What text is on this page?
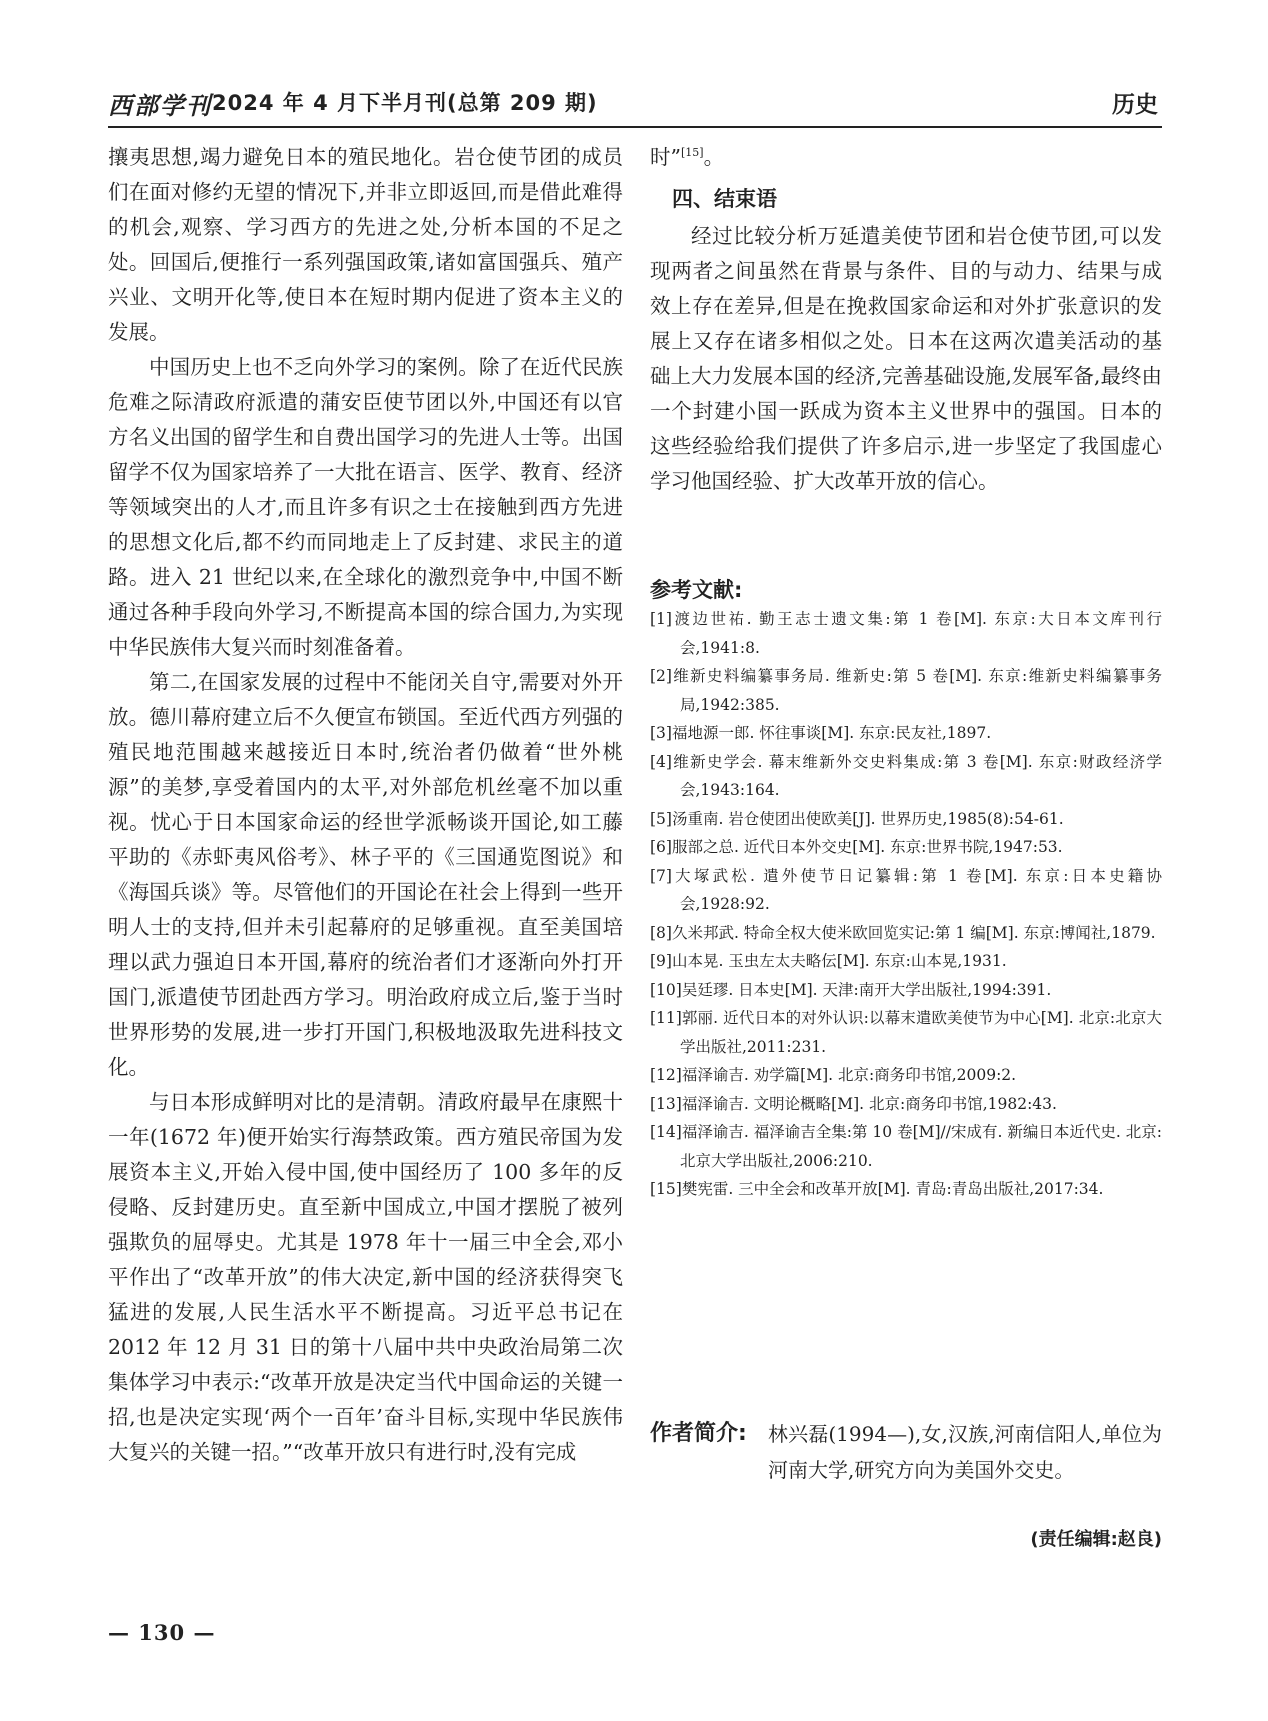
西部学刊 2024 年 4 月下半月刊(总第 209 期)	历史

攘夷思想,竭力避免日本的殖民地化。岩仓使节团的成员们在面对修约无望的情况下,并非立即返回,而是借此难得的机会,观察、学习西方的先进之处,分析本国的不足之处。回国后,便推行一系列强国政策,诸如富国强兵、殖产兴业、文明开化等,使日本在短时期内促进了资本主义的发展。

中国历史上也不乏向外学习的案例。除了在近代民族危难之际清政府派遣的蒲安臣使节团以外,中国还有以官方名义出国的留学生和自费出国学习的先进人士等。出国留学不仅为国家培养了一大批在语言、医学、教育、经济等领域突出的人才,而且许多有识之士在接触到西方先进的思想文化后,都不约而同地走上了反封建、求民主的道路。进入 21 世纪以来,在全球化的激烈竞争中,中国不断通过各种手段向外学习,不断提高本国的综合国力,为实现中华民族伟大复兴而时刻准备着。

第二,在国家发展的过程中不能闭关自守,需要对外开放。德川幕府建立后不久便宣布锁国。至近代西方列强的殖民地范围越来越接近日本时,统治者仍做着“世外桃源”的美梦,享受着国内的太平,对外部危机丝毫不加以重视。忧心于日本国家命运的经世学派畅谈开国论,如工藤平助的《赤虾夷风俗考》、林子平的《三国通览图说》和《海国兵谈》等。尽管他们的开国论在社会上得到一些开明人士的支持,但并未引起幕府的足够重视。直至美国培理以武力强迫日本开国,幕府的统治者们才逐渐向外打开国门,派遣使节团赴西方学习。明治政府成立后,鉴于当时世界形势的发展,进一步打开国门,积极地汲取先进科技文化。

与日本形成鲜明对比的是清朝。清政府最早在康熙十一年(1672 年)便开始实行海禁政策。西方殖民帝国为发展资本主义,开始入侵中国,使中国经历了 100 多年的反侵略、反封建历史。直至新中国成立,中国才摆脱了被列强欺负的屈辱史。尤其是 1978 年十一届三中全会,邓小平作出了“改革开放”的伟大决定,新中国的经济获得突飞猛进的发展,人民生活水平不断提高。习近平总书记在 2012 年 12 月 31 日的第十八届中共中央政治局第二次集体学习中表示:“改革开放是决定当代中国命运的关键一招,也是决定实现‘两个一百年’奋斗目标,实现中华民族伟大复兴的关键一招。”“改革开放只有进行时,没有完成

时”[15]。

四、结束语

经过比较分析万延遣美使节团和岩仓使节团,可以发现两者之间虽然在背景与条件、目的与动力、结果与成效上存在差异,但是在挽救国家命运和对外扩张意识的发展上又存在诸多相似之处。日本在这两次遣美活动的基础上大力发展本国的经济,完善基础设施,发展军备,最终由一个封建小国一跃成为资本主义世界中的强国。日本的这些经验给我们提供了许多启示,进一步坚定了我国虚心学习他国经验、扩大改革开放的信心。

参考文献:
[1]渡边世祐. 勤王志士遗文集:第 1 卷[M]. 东京:大日本文库刊行会,1941:8.
[2]维新史料编纂事务局. 维新史:第 5 卷[M]. 东京:维新史料编纂事务局,1942:385.
[3]福地源一郎. 怀往事谈[M]. 东京:民友社,1897.
[4]维新史学会. 幕末维新外交史料集成:第 3 卷[M]. 东京:财政经济学会,1943:164.
[5]汤重南. 岩仓使团出使欧美[J]. 世界历史,1985(8):54-61.
[6]服部之总. 近代日本外交史[M]. 东京:世界书院,1947:53.
[7]大塚武松. 遣外使节日记纂辑:第 1 卷[M]. 东京:日本史籍协会,1928:92.
[8]久米邦武. 特命全权大使米欧回览实记:第 1 编[M]. 东京:博闻社,1879.
[9]山本晃. 玉虫左太夫略伝[M]. 东京:山本晃,1931.
[10]吴廷璆. 日本史[M]. 天津:南开大学出版社,1994:391.
[11]郭丽. 近代日本的对外认识:以幕末遣欧美使节为中心[M]. 北京:北京大学出版社,2011:231.
[12]福泽谕吉. 劝学篇[M]. 北京:商务印书馆,2009:2.
[13]福泽谕吉. 文明论概略[M]. 北京:商务印书馆,1982:43.
[14]福泽谕吉. 福泽谕吉全集:第 10 卷[M]//宋成有. 新编日本近代史. 北京:北京大学出版社,2006:210.
[15]樊宪雷. 三中全会和改革开放[M]. 青岛:青岛出版社,2017:34.
作者简介: 林兴磊(1994—),女,汉族,河南信阳人,单位为河南大学,研究方向为美国外交史。
(责任编辑:赵良)
— 130 —
